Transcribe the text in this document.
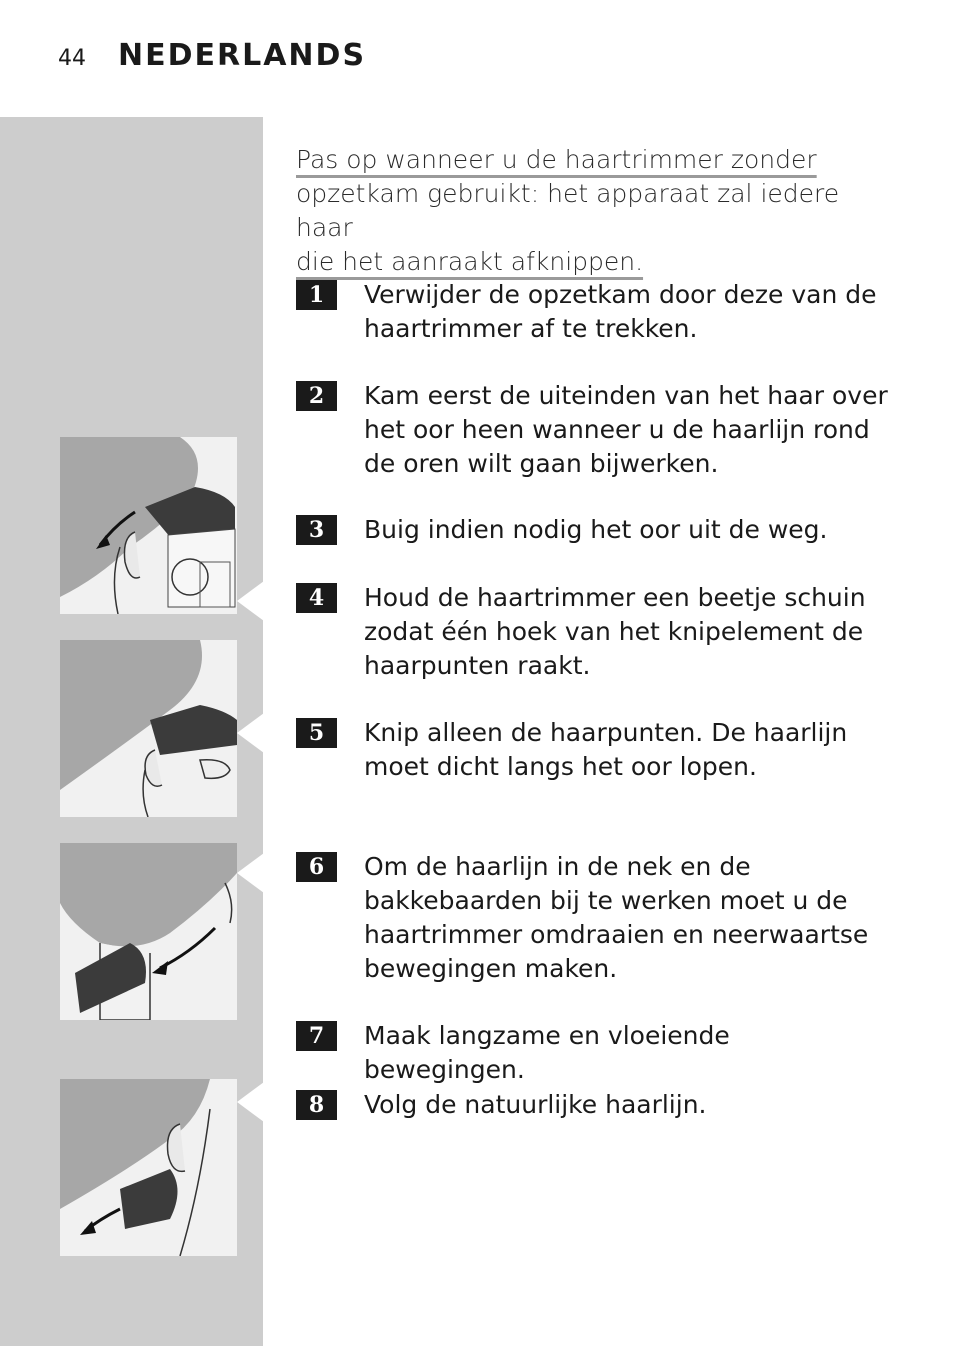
44	NEDERLANDS
Pas op wanneer u de haartrimmer zonder
opzetkam gebruikt: het apparaat zal iedere haar
die het aanraakt afknippen.
1	Verwijder de opzetkam door deze van de haartrimmer af te trekken.
2	Kam eerst de uiteinden van het haar over het oor heen wanneer u de haarlijn rond de oren wilt gaan bijwerken.
3	Buig indien nodig het oor uit de weg.
4	Houd de haartrimmer een beetje schuin zodat één hoek van het knipelement de haarpunten raakt.
5	Knip alleen de haarpunten. De haarlijn moet dicht langs het oor lopen.
6	Om de haarlijn in de nek en de bakkebaarden bij te werken moet u de haartrimmer omdraaien en neerwaartse bewegingen maken.
7	Maak langzame en vloeiende bewegingen.
8	Volg de natuurlijke haarlijn.
